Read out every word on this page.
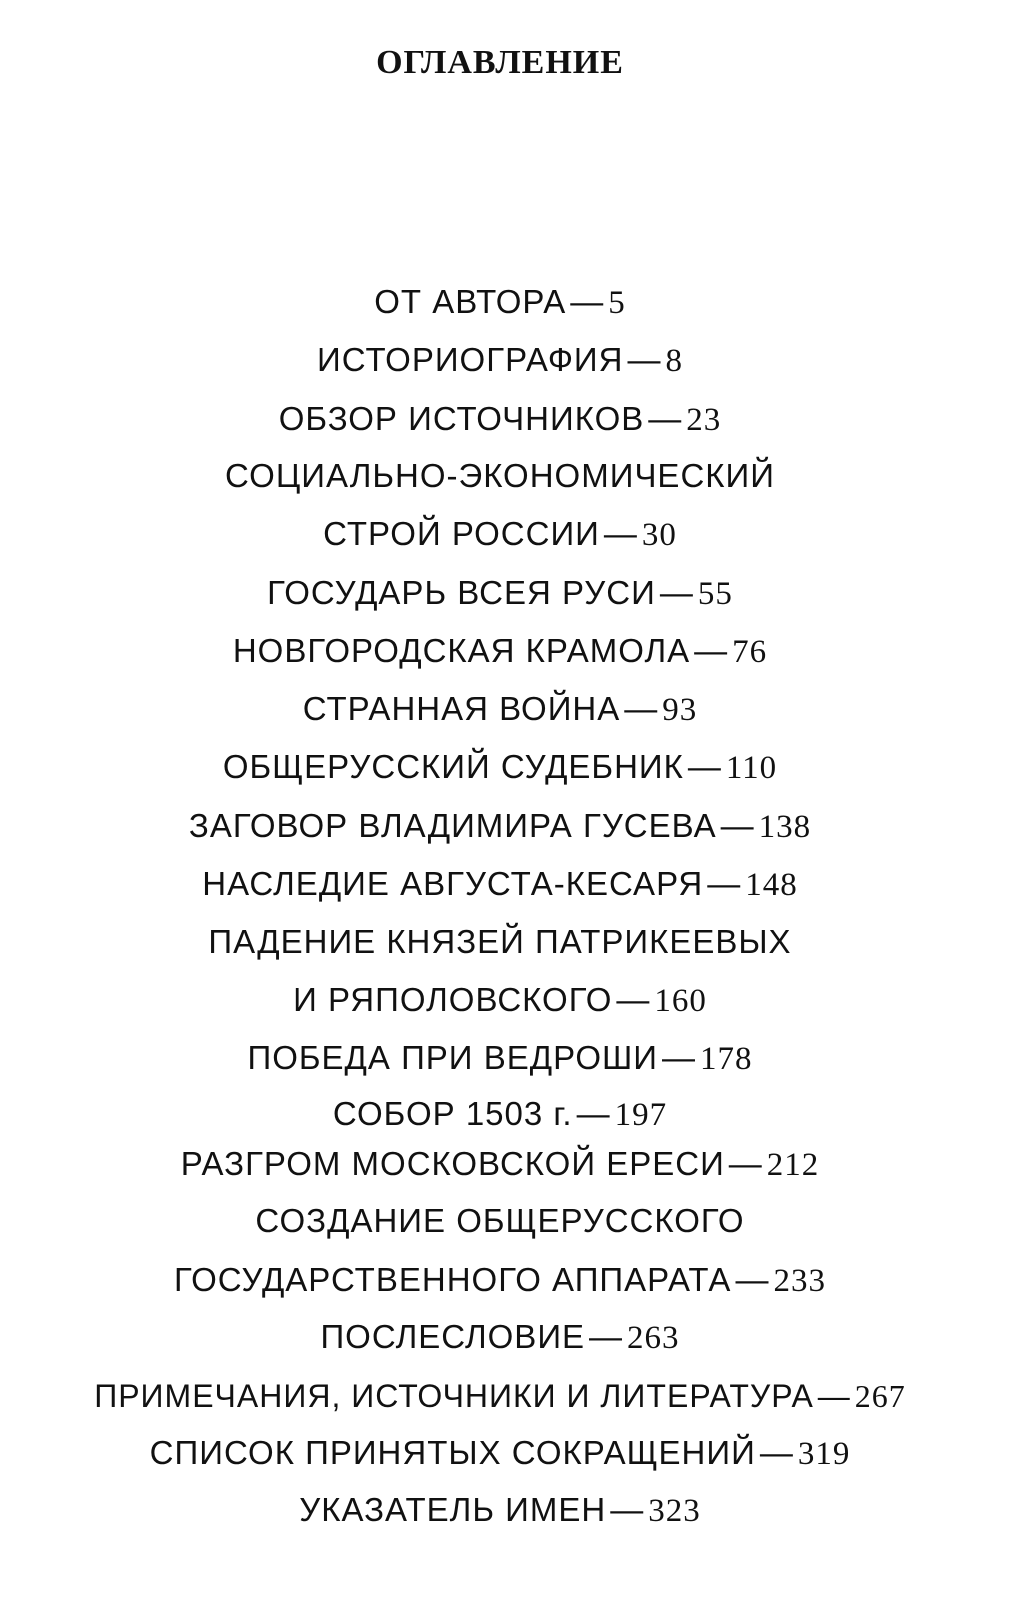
ОГЛАВЛЕНИЕ
ОТ АВТОРА — 5
ИСТОРИОГРАФИЯ — 8
ОБЗОР ИСТОЧНИКОВ — 23
СОЦИАЛЬНО-ЭКОНОМИЧЕСКИЙ
СТРОЙ РОССИИ — 30
ГОСУДАРЬ ВСЕЯ РУСИ — 55
НОВГОРОДСКАЯ КРАМОЛА — 76
СТРАННАЯ ВОЙНА — 93
ОБЩЕРУССКИЙ СУДЕБНИК — 110
ЗАГОВОР ВЛАДИМИРА ГУСЕВА — 138
НАСЛЕДИЕ АВГУСТА-КЕСАРЯ — 148
ПАДЕНИЕ КНЯЗЕЙ ПАТРИКЕЕВЫХ
И РЯПОЛОВСКОГО — 160
ПОБЕДА ПРИ ВЕДРОШИ — 178
СОБОР 1503 г. — 197
РАЗГРОМ МОСКОВСКОЙ ЕРЕСИ — 212
СОЗДАНИЕ ОБЩЕРУССКОГО
ГОСУДАРСТВЕННОГО АППАРАТА — 233
ПОСЛЕСЛОВИЕ — 263
ПРИМЕЧАНИЯ, ИСТОЧНИКИ И ЛИТЕРАТУРА — 267
СПИСОК ПРИНЯТЫХ СОКРАЩЕНИЙ — 319
УКАЗАТЕЛЬ ИМЕН — 323
